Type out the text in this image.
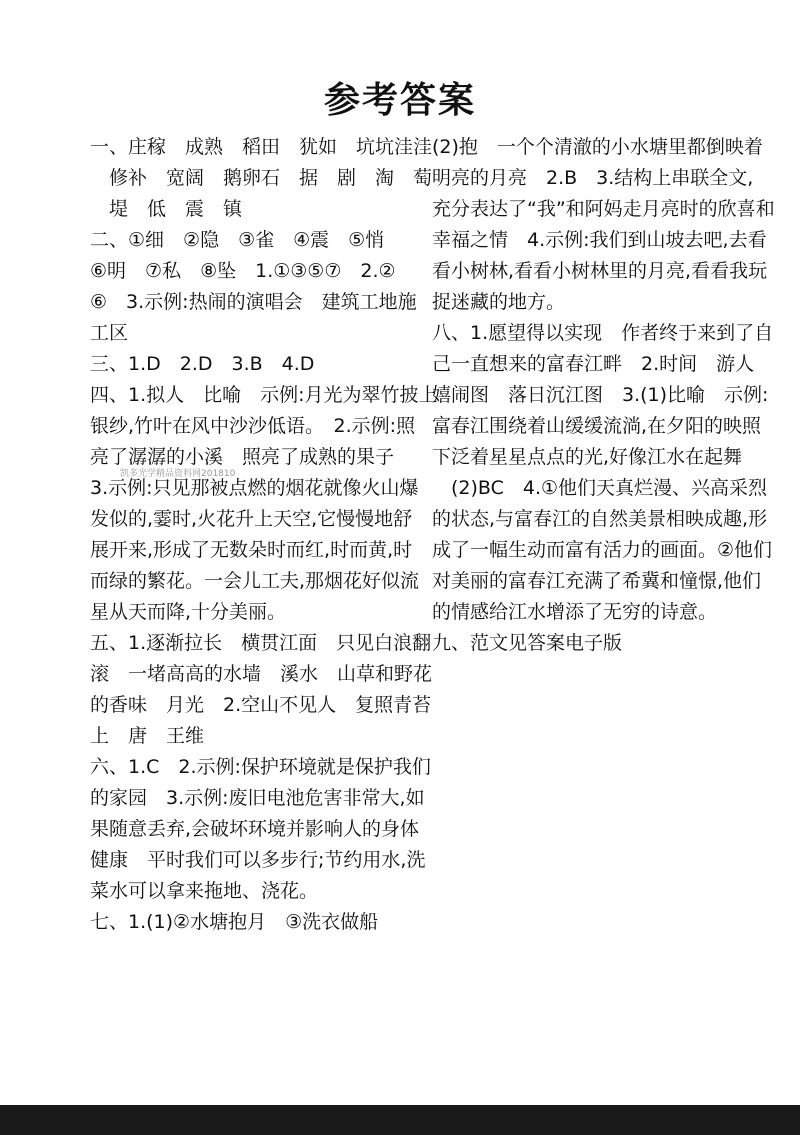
参考答案
一、庄稼　成熟　稻田　犹如　坑坑洼洼
　修补　宽阔　鹅卵石　据　剧　淘　萄
　堤　低　震　镇
二、①细　②隐　③雀　④震　⑤悄
⑥明　⑦私　⑧坠　1.①③⑤⑦　2.②
⑥　3.示例:热闹的演唱会　建筑工地施
工区
三、1.D　2.D　3.B　4.D
四、1.拟人　比喻　示例:月光为翠竹披上
银纱,竹叶在风中沙沙低语。　2.示例:照
亮了潺潺的小溪　照亮了成熟的果子
3.示例:只见那被点燃的烟花就像火山爆
发似的,霎时,火花升上天空,它慢慢地舒
展开来,形成了无数朵时而红,时而黄,时
而绿的繁花。一会儿工夫,那烟花好似流
星从天而降,十分美丽。
五、1.逐渐拉长　横贯江面　只见白浪翻
滚　一堵高高的水墙　溪水　山草和野花
的香味　月光　2.空山不见人　复照青苔
上　唐　王维
六、1.C　2.示例:保护环境就是保护我们
的家园　3.示例:废旧电池危害非常大,如
果随意丢弃,会破坏环境并影响人的身体
健康　平时我们可以多步行;节约用水,洗
菜水可以拿来拖地、浇花。
七、1.(1)②水塘抱月　③洗衣做船
(2)抱　一个个清澈的小水塘里都倒映着
明亮的月亮　2.B　3.结构上串联全文,
充分表达了“我”和阿妈走月亮时的欣喜和
幸福之情　4.示例:我们到山坡去吧,去看
看小树林,看看小树林里的月亮,看看我玩
捉迷藏的地方。
八、1.愿望得以实现　作者终于来到了自
己一直想来的富春江畔　2.时间　游人
嬉闹图　落日沉江图　3.(1)比喻　示例:
富春江围绕着山缓缓流淌,在夕阳的映照
下泛着星星点点的光,好像江水在起舞
　(2)BC　4.①他们天真烂漫、兴高采烈
的状态,与富春江的自然美景相映成趣,形
成了一幅生动而富有活力的画面。②他们
对美丽的富春江充满了希冀和憧憬,他们
的情感给江水增添了无穷的诗意。
九、范文见答案电子版
凯多光学精品资料网201810
